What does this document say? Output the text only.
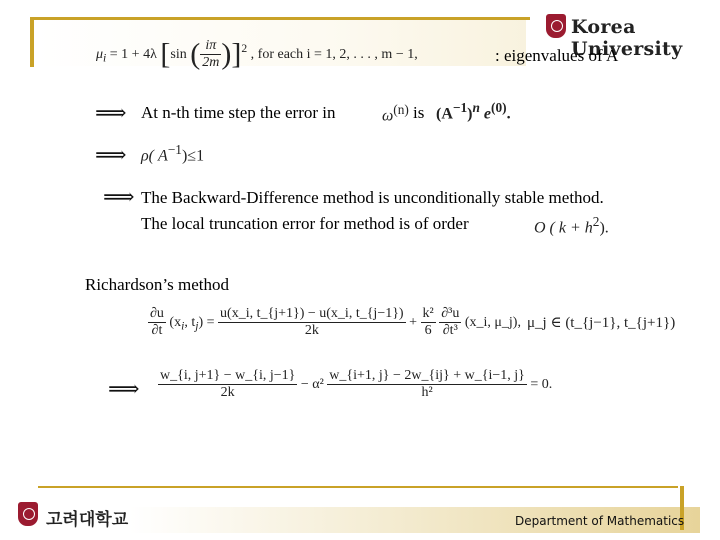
Korea University
$\mu_i = 1 + 4\lambda$ [sin ( $\frac{i\pi}{2m} )]^2$ , for each i = 1, 2, . . . , m − 1,	: eigenvalues of A
⟹ At n-th time step the error in	$\omega^{(n)}$ is $(A^{-1})^n$ $e^{(0)}$.
⟹ ρ( $A^{-1})\le 1$
⟹ The Backward-Difference method is unconditionally stable method.
The local truncation error for method is of order	O ( $k + h^2$).
Richardson’s method
$\frac{\partial u}{\partial t} (x_i$, $t_j) = \frac{u(x\_i, t\_\{j+1\}) - u(x\_i, t\_\{j-1\})}{2k} + \frac{\text{k²}}{6}$
$\frac{\text{∂³u}}{\text{∂t³}}$ (x_i, μ_j), μ_j ∈ (t_{j−1}, t_{j+1})
⟹ $\frac{w\_\{i, j+1\} - w\_\{i, j-1\}}{2k} - \alpha^2 \frac{w\_\{i+1, j\} - 2w\_\{ij\} + w\_\{i-1, j\}}{\text{h²}} = 0$.
고려대학교	Department of Mathematics
